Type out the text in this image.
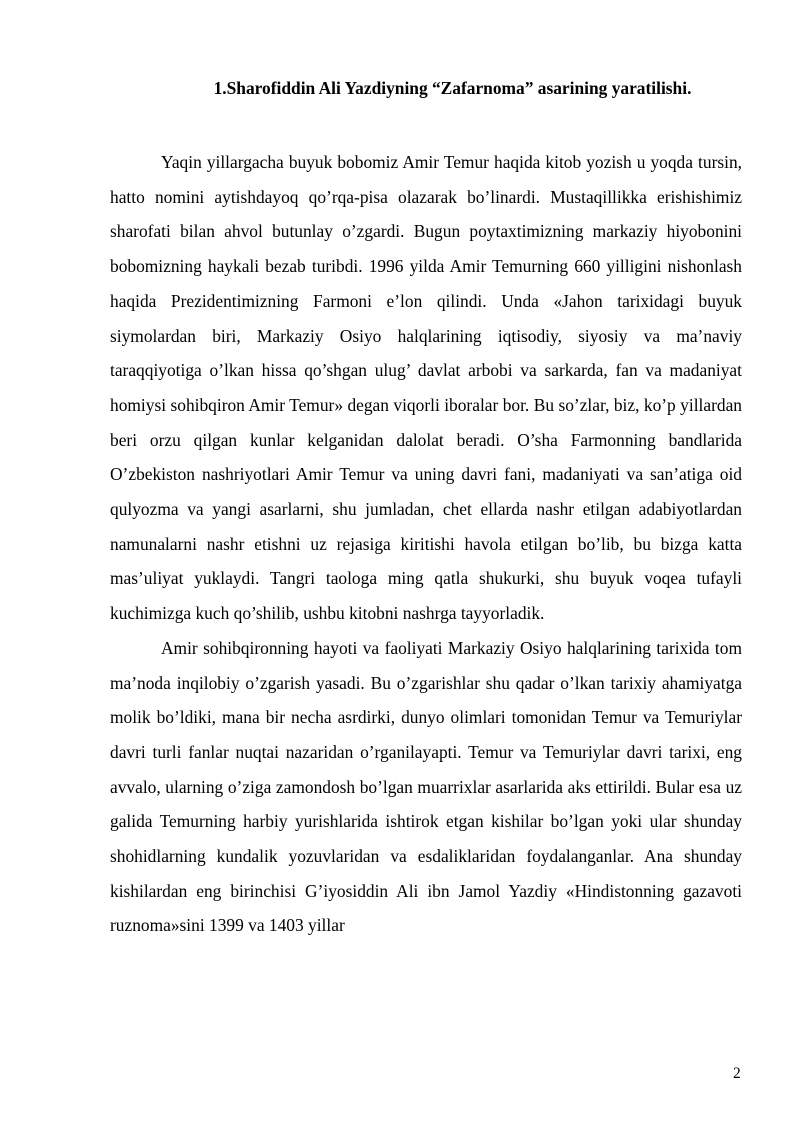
1.Sharofiddin Ali Yazdiyning “Zafarnoma” asarining yaratilishi.

Yaqin yillargacha buyuk bobomiz Amir Temur haqida kitob yozish u yoqda tursin, hatto nomini aytishdayoq qo’rqa-pisa olazarak bo’linardi. Mustaqillikka erishishimiz sharofati bilan ahvol butunlay o’zgardi. Bugun poytaxtimizning markaziy hiyobonini bobomizning haykali bezab turibdi. 1996 yilda Amir Temurning 660 yilligini nishonlash haqida Prezidentimizning Farmoni e’lon qilindi. Unda «Jahon tarixidagi buyuk siymolardan biri, Markaziy Osiyo halqlarining iqtisodiy, siyosiy va ma’naviy taraqqiyotiga o’lkan hissa qo’shgan ulug’ davlat arbobi va sarkarda, fan va madaniyat homiysi sohibqiron Amir Temur» degan viqorli iboralar bor. Bu so’zlar, biz, ko’p yillardan beri orzu qilgan kunlar kelganidan dalolat beradi. O’sha Farmonning bandlarida O’zbekiston nashriyotlari Amir Temur va uning davri fani, madaniyati va san’atiga oid qulyozma va yangi asarlarni, shu jumladan, chet ellarda nashr etilgan adabiyotlardan namunalarni nashr etishni uz rejasiga kiritishi havola etilgan bo’lib, bu bizga katta mas’uliyat yuklaydi. Tangri taologa ming qatla shukurki, shu buyuk voqea tufayli kuchimizga kuch qo’shilib, ushbu kitobni nashrga tayyorladik.

Amir sohibqironning hayoti va faoliyati Markaziy Osiyo halqlarining tarixida tom ma’noda inqilobiy o’zgarish yasadi. Bu o’zgarishlar shu qadar o’lkan tarixiy ahamiyatga molik bo’ldiki, mana bir necha asrdirki, dunyo olimlari tomonidan Temur va Temuriylar davri turli fanlar nuqtai nazaridan o’rganilayapti. Temur va Temuriylar davri tarixi, eng avvalo, ularning o’ziga zamondosh bo’lgan muarrixlar asarlarida aks ettirildi. Bular esa uz galida Temurning harbiy yurishlarida ishtirok etgan kishilar bo’lgan yoki ular shunday shohidlarning kundalik yozuvlaridan va esdaliklaridan foydalanganlar. Ana shunday kishilardan eng birinchisi G’iyosiddin Ali ibn Jamol Yazdiy «Hindistonning gazavoti ruznoma»sini 1399 va 1403 yillar

2
